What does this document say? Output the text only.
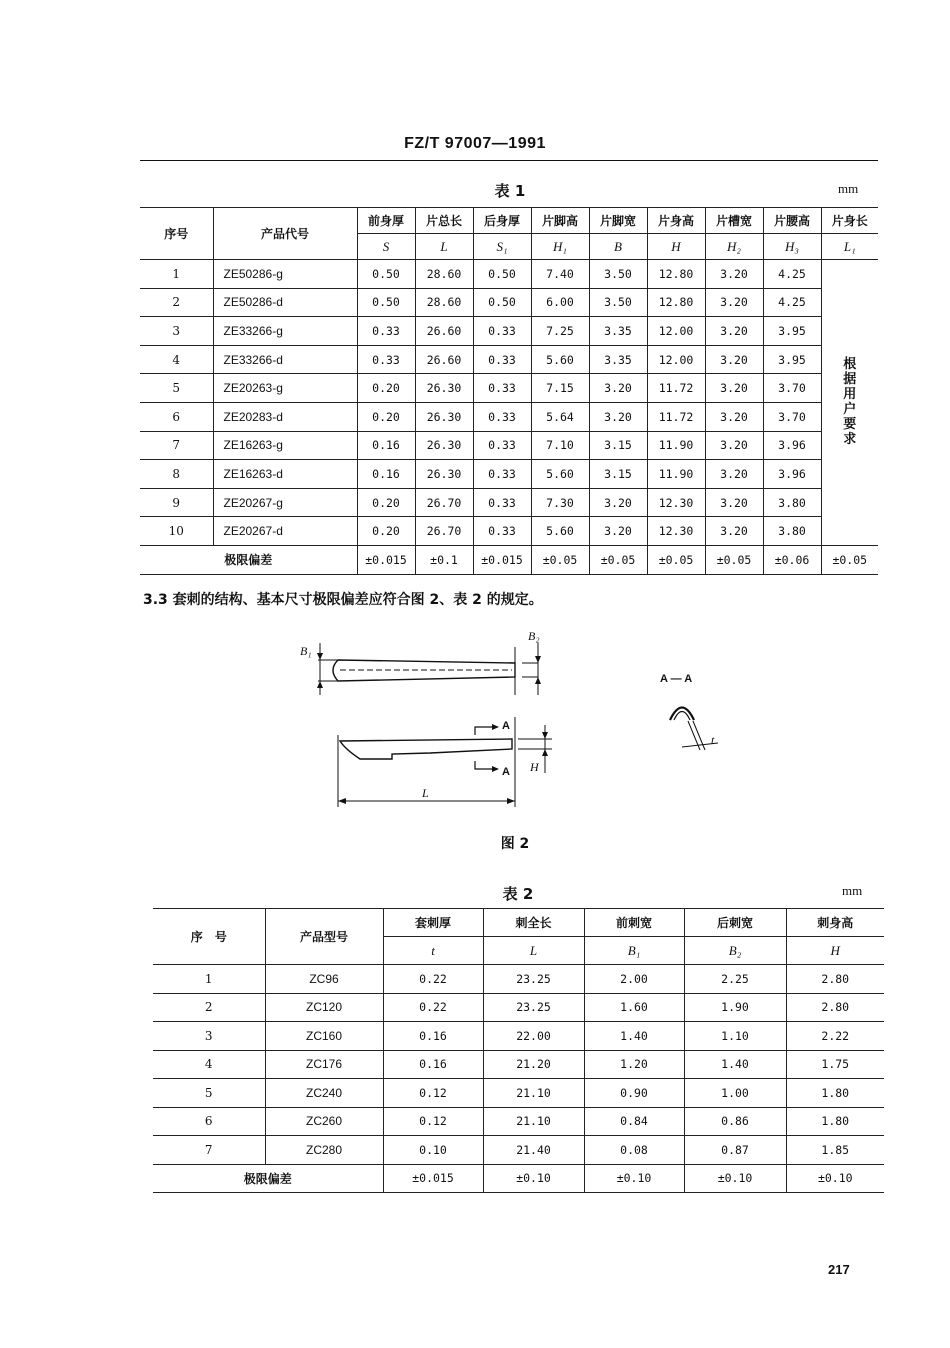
FZ/T 97007—1991
表 1	mm
序号	产品代号	前身厚	片总长	后身厚	片脚高	片脚宽	片身高	片槽宽	片腰高	片身长
		S	L	S₁	H₁	B	H	H₂	H₃	L₁
1	ZE50286-g	0.50	28.60	0.50	7.40	3.50	12.80	3.20	4.25	根据用户要求
2	ZE50286-d	0.50	28.60	0.50	6.00	3.50	12.80	3.20	4.25	
3	ZE33266-g	0.33	26.60	0.33	7.25	3.35	12.00	3.20	3.95	
4	ZE33266-d	0.33	26.60	0.33	5.60	3.35	12.00	3.20	3.95	
5	ZE20263-g	0.20	26.30	0.33	7.15	3.20	11.72	3.20	3.70	
6	ZE20283-d	0.20	26.30	0.33	5.64	3.20	11.72	3.20	3.70	
7	ZE16263-g	0.16	26.30	0.33	7.10	3.15	11.90	3.20	3.96	
8	ZE16263-d	0.16	26.30	0.33	5.60	3.15	11.90	3.20	3.96	
9	ZE20267-g	0.20	26.70	0.33	7.30	3.20	12.30	3.20	3.80	
10	ZE20267-d	0.20	26.70	0.33	5.60	3.20	12.30	3.20	3.80	
极限偏差		±0.015	±0.1	±0.015	±0.05	±0.05	±0.05	±0.05	±0.06	±0.05
3.3 套刺的结构、基本尺寸极限偏差应符合图 2、表 2 的规定。
B₁
B₂
H
L
t
A
A
A — A
图 2
表 2	mm
序　号	产品型号	套刺厚	刺全长	前刺宽	后刺宽	刺身高
		t	L	B₁	B₂	H
1	ZC96	0.22	23.25	2.00	2.25	2.80
2	ZC120	0.22	23.25	1.60	1.90	2.80
3	ZC160	0.16	22.00	1.40	1.10	2.22
4	ZC176	0.16	21.20	1.20	1.40	1.75
5	ZC240	0.12	21.10	0.90	1.00	1.80
6	ZC260	0.12	21.10	0.84	0.86	1.80
7	ZC280	0.10	21.40	0.08	0.87	1.85
极限偏差		±0.015	±0.10	±0.10	±0.10	±0.10
217
